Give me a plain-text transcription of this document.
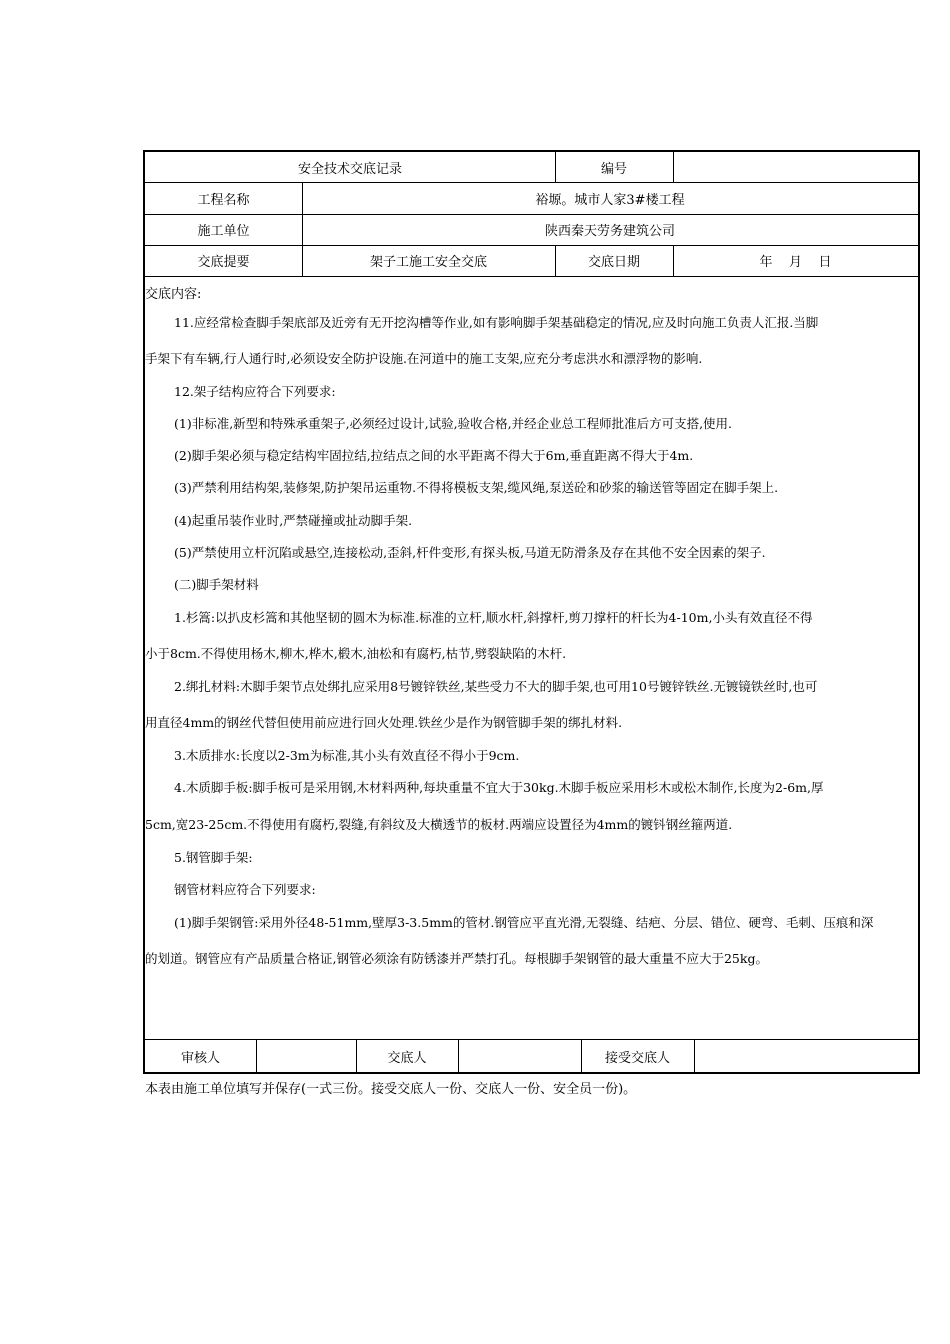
安全技术交底记录	编号
工程名称	裕塬。城市人家3#楼工程
施工单位	陕西秦天劳务建筑公司
交底提要	架子工施工安全交底	交底日期	年    月    日
交底内容:
11.应经常检查脚手架底部及近旁有无开挖沟槽等作业,如有影响脚手架基础稳定的情况,应及时向施工负责人汇报.当脚
手架下有车辆,行人通行时,必须设安全防护设施.在河道中的施工支架,应充分考虑洪水和漂浮物的影响.
12.架子结构应符合下列要求:
(1)非标准,新型和特殊承重架子,必须经过设计,试验,验收合格,并经企业总工程师批准后方可支搭,使用.
(2)脚手架必须与稳定结构牢固拉结,拉结点之间的水平距离不得大于6m,垂直距离不得大于4m.
(3)严禁利用结构架,装修架,防护架吊运重物.不得将模板支架,缆风绳,泵送砼和砂浆的输送管等固定在脚手架上.
(4)起重吊装作业时,严禁碰撞或扯动脚手架.
(5)严禁使用立杆沉陷或悬空,连接松动,歪斜,杆件变形,有探头板,马道无防滑条及存在其他不安全因素的架子.
(二)脚手架材料
1.杉篙:以扒皮杉篙和其他坚韧的圆木为标准.标准的立杆,顺水杆,斜撑杆,剪刀撑杆的杆长为4-10m,小头有效直径不得
小于8cm.不得使用杨木,柳木,桦木,椴木,油松和有腐朽,枯节,劈裂缺陷的木杆.
2.绑扎材料:木脚手架节点处绑扎应采用8号镀锌铁丝,某些受力不大的脚手架,也可用10号镀锌铁丝.无镀镜铁丝时,也可
用直径4mm的钢丝代替但使用前应进行回火处理.铁丝少是作为钢管脚手架的绑扎材料.
3.木质排水:长度以2-3m为标准,其小头有效直径不得小于9cm.
4.木质脚手板:脚手板可是采用钢,木材料两种,每块重量不宜大于30kg.木脚手板应采用杉木或松木制作,长度为2-6m,厚
5cm,宽23-25cm.不得使用有腐朽,裂缝,有斜纹及大横透节的板材.两端应设置径为4mm的镀钭钢丝箍两道.
5.钢管脚手架:
钢管材料应符合下列要求:
(1)脚手架钢管:采用外径48-51mm,壁厚3-3.5mm的管材.钢管应平直光滑,无裂缝、结疤、分层、错位、硬弯、毛刺、压痕和深
的划道。钢管应有产品质量合格证,钢管必须涂有防锈漆并严禁打孔。每根脚手架钢管的最大重量不应大于25kg。
审核人	交底人	接受交底人
本表由施工单位填写并保存(一式三份。接受交底人一份、交底人一份、安全员一份)。
